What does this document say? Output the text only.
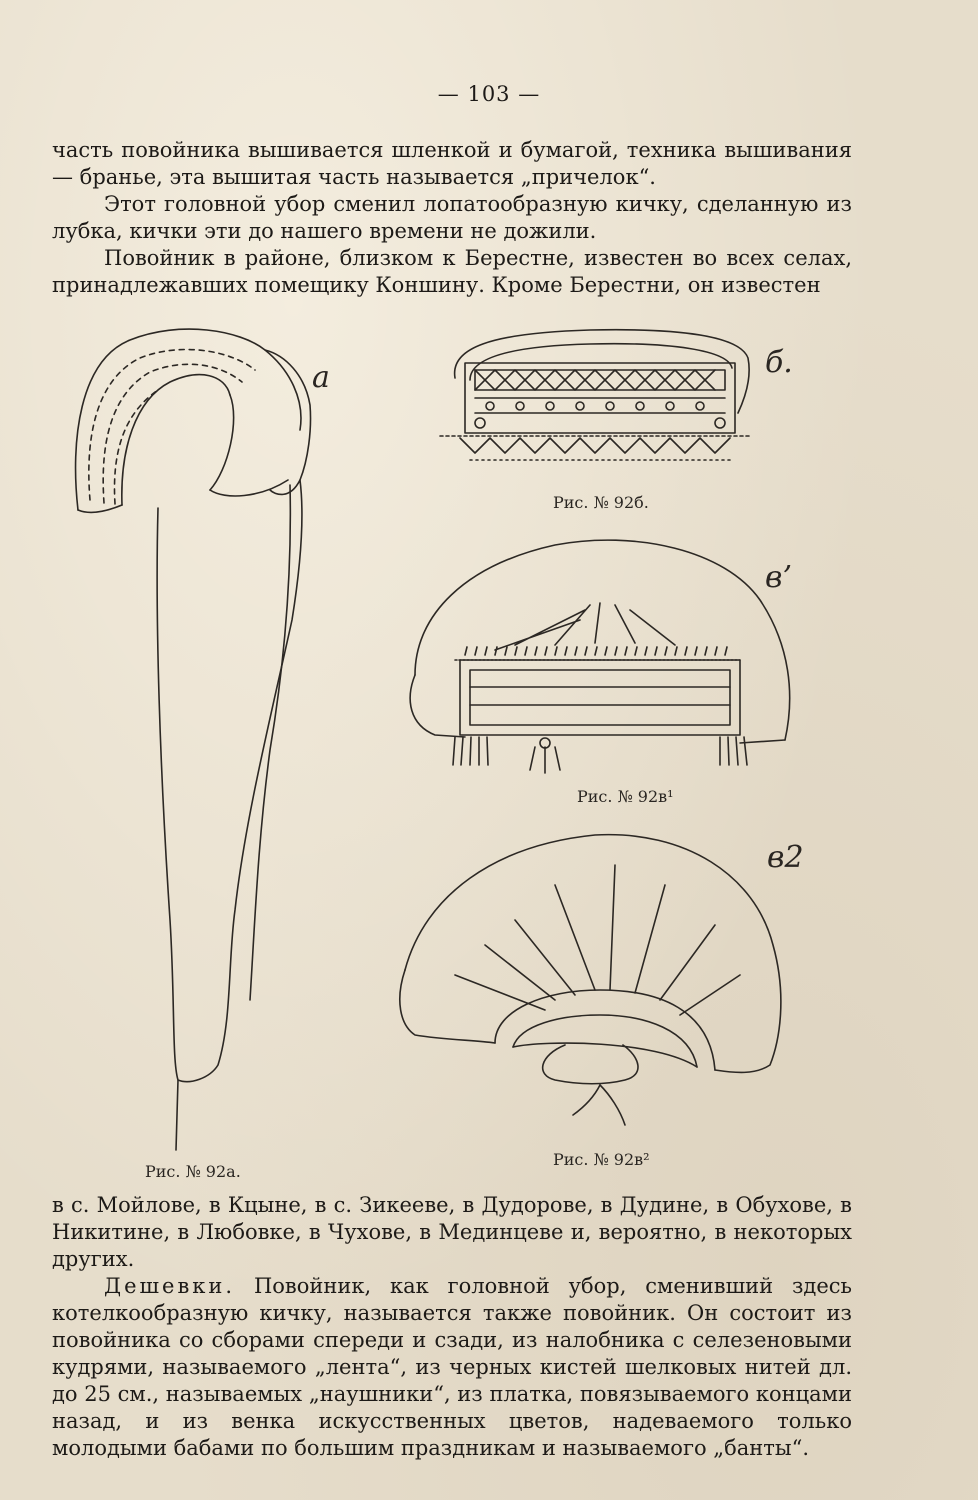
— 103 —

часть повойника вышивается шленкой и бумагой, техника вышивания — бранье, эта вышитая часть называется „причелок“.

Этот головной убор сменил лопатообразную кичку, сделанную из лубка, кички эти до нашего времени не дожили.

Повойник в районе, близком к Берестне, известен во всех селах, принадлежавших помещику Коншину. Кроме Берестни, он известен

а
Рис. № 92а.
б.
Рис. № 92б.
в’
Рис. № 92в¹
в2
Рис. № 92в²

в с. Мойлове, в Кцыне, в с. Зикееве, в Дудорове, в Дудине, в Обухове, в Никитине, в Любовке, в Чухове, в Мединцеве и, вероятно, в некоторых других.

Дешевки. Повойник, как головной убор, сменивший здесь котелкообразную кичку, называется также повойник. Он состоит из повойника со сборами спереди и сзади, из налобника с селезеновыми кудрями, называемого „лента“, из черных кистей шелковых нитей дл. до 25 см., называемых „наушники“, из платка, повязываемого концами назад, и из венка искусственных цветов, надеваемого только молодыми бабами по большим праздникам и называемого „банты“.
